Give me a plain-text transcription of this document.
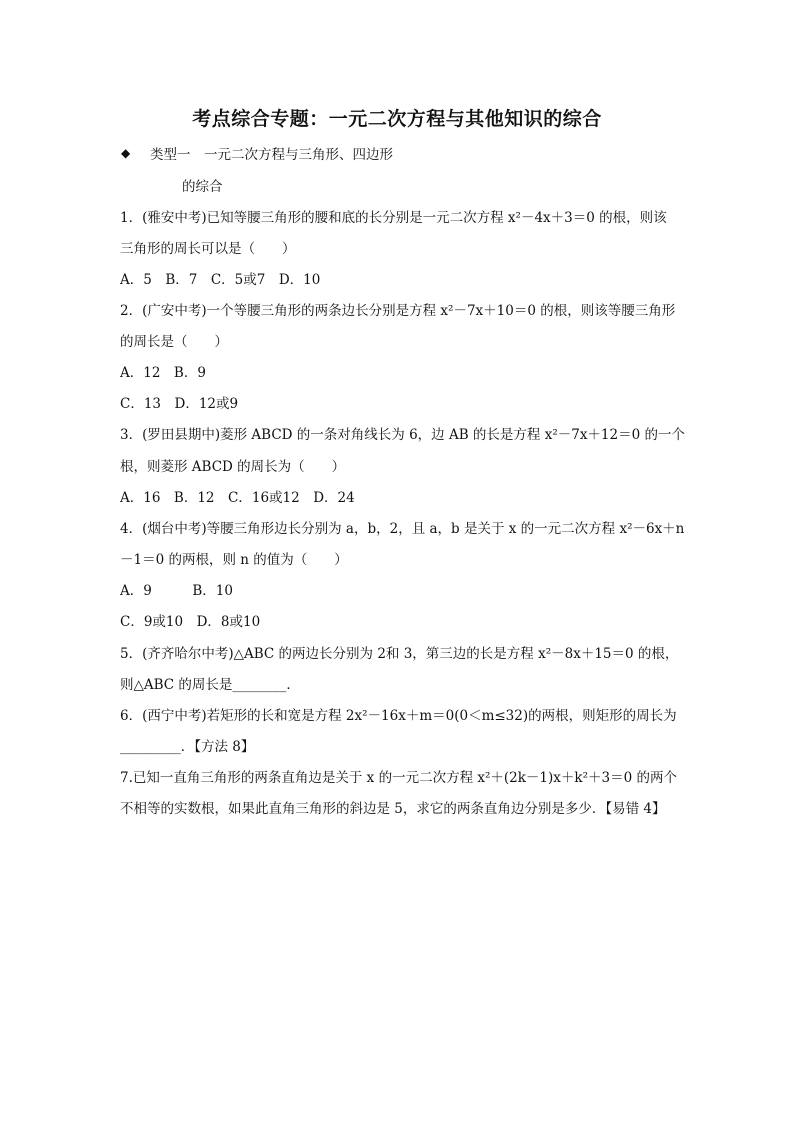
考点综合专题：一元二次方程与其他知识的综合
◆ 类型一　一元二次方程与三角形、四边形
的综合
1．(雅安中考)已知等腰三角形的腰和底的长分别是一元二次方程 x²－4x＋3＝0 的根，则该
三角形的周长可以是（　　）
A．5　B．7　C．5或7　D．10
2．(广安中考)一个等腰三角形的两条边长分别是方程 x²－7x＋10＝0 的根，则该等腰三角形
的周长是（　　）
A．12　B．9
C．13　D．12或9
3．(罗田县期中)菱形 ABCD 的一条对角线长为 6，边 AB 的长是方程 x²－7x＋12＝0 的一个
根，则菱形 ABCD 的周长为（　　）
A．16　B．12　C．16或12　D．24
4．(烟台中考)等腰三角形边长分别为 a，b，2，且 a，b 是关于 x 的一元二次方程 x²－6x＋n
－1＝0 的两根，则 n 的值为（　　）
A．9　　　B．10
C．9或10　D．8或10
5．(齐齐哈尔中考)△ABC 的两边长分别为 2和 3，第三边的长是方程 x²－8x＋15＝0 的根，
则△ABC 的周长是________．
6．(西宁中考)若矩形的长和宽是方程 2x²－16x＋m＝0(0＜m≤32)的两根，则矩形的周长为
_________．【方法 8】
7.已知一直角三角形的两条直角边是关于 x 的一元二次方程 x²＋(2k－1)x＋k²＋3＝0 的两个
不相等的实数根，如果此直角三角形的斜边是 5，求它的两条直角边分别是多少．【易错 4】
